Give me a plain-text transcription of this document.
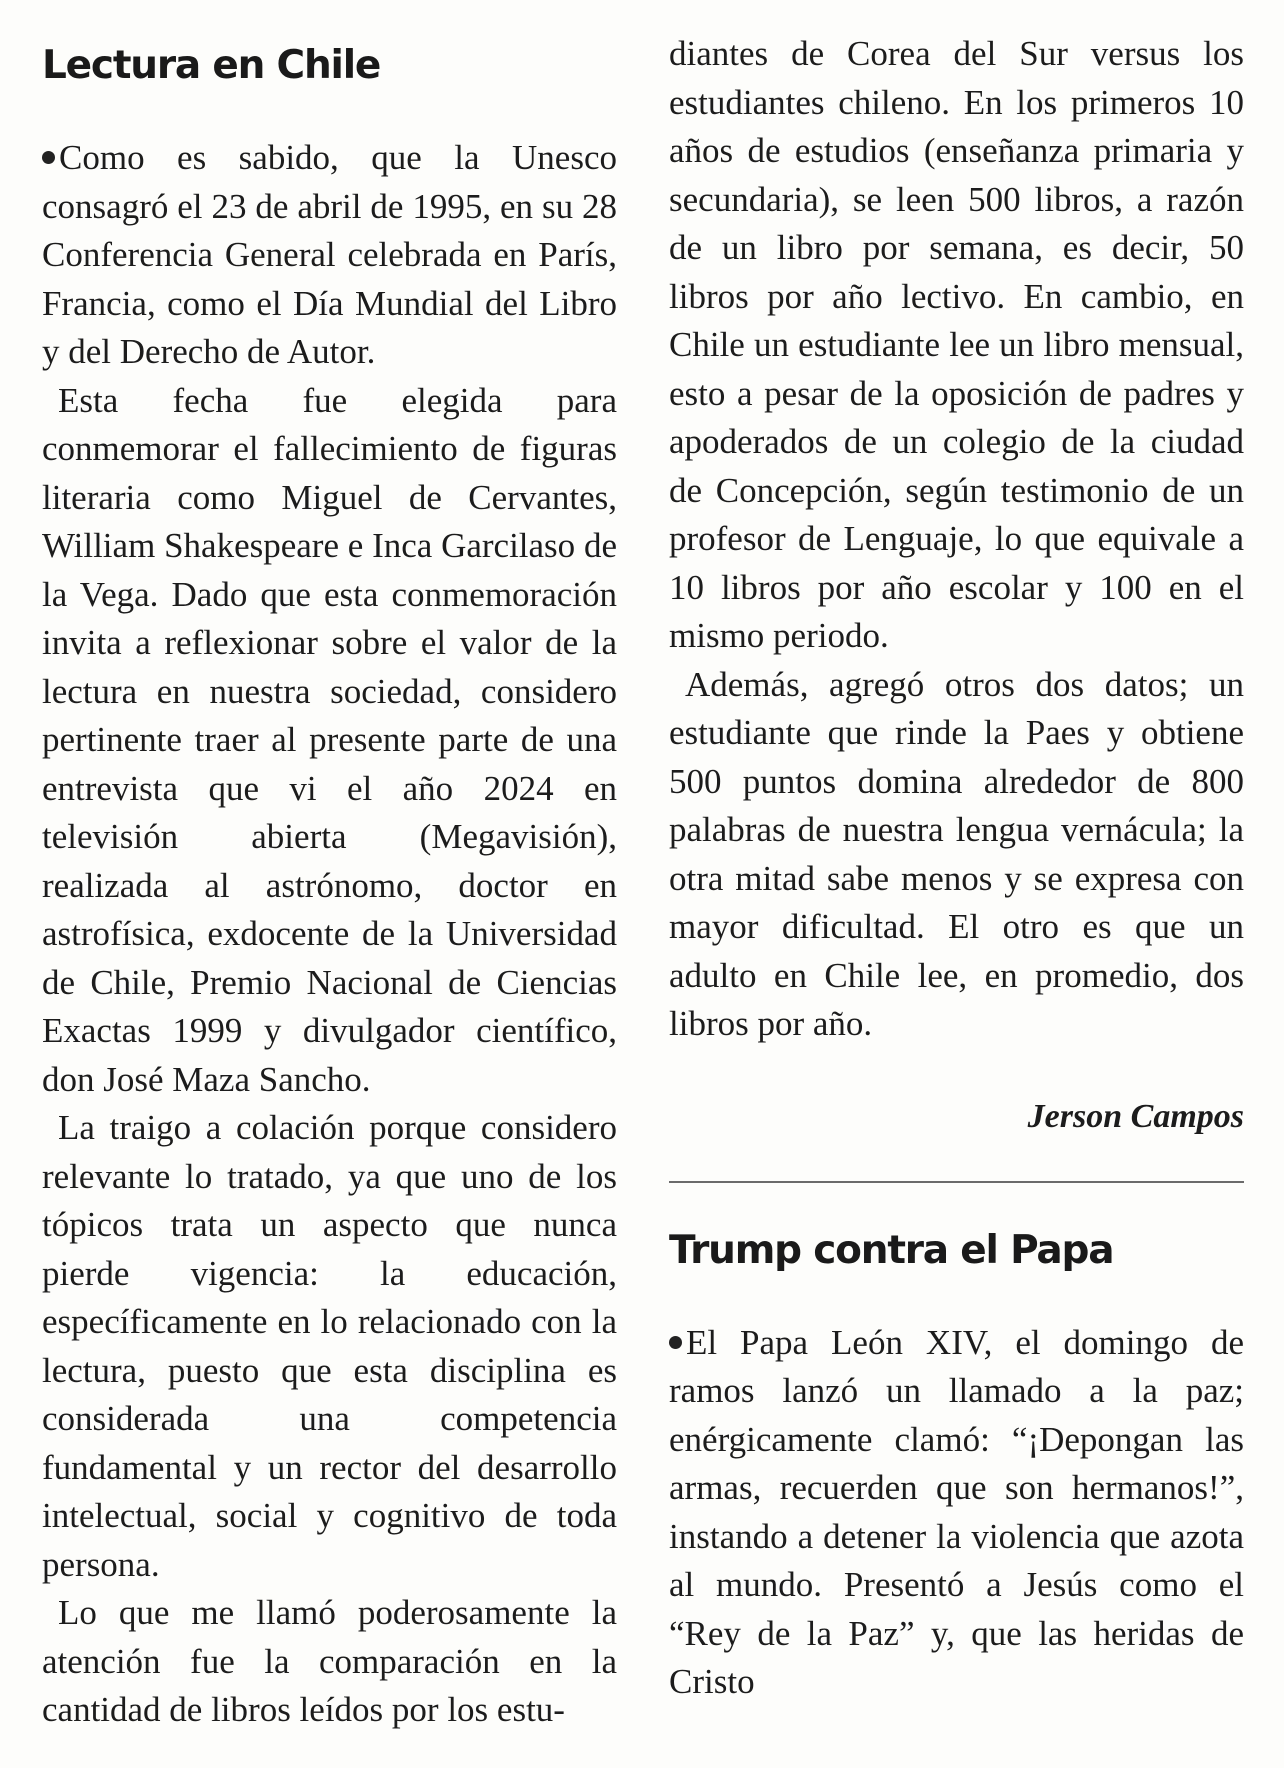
Lectura en Chile

Como es sabido, que la Unesco consagró el 23 de abril de 1995, en su 28 Conferencia General celebrada en París, Francia, como el Día Mundial del Libro y del Derecho de Autor.

Esta fecha fue elegida para conmemorar el fallecimiento de figuras literaria como Miguel de Cervantes, William Shakespeare e Inca Garcilaso de la Vega. Dado que esta conmemoración invita a reflexionar sobre el valor de la lectura en nuestra sociedad, considero pertinente traer al presente parte de una entrevista que vi el año 2024 en televisión abierta (Megavisión), realizada al astrónomo, doctor en astrofísica, exdocente de la Universidad de Chile, Premio Nacional de Ciencias Exactas 1999 y divulgador científico, don José Maza Sancho.

La traigo a colación porque considero relevante lo tratado, ya que uno de los tópicos trata un aspecto que nunca pierde vigencia: la educación, específicamente en lo relacionado con la lectura, puesto que esta disciplina es considerada una competencia fundamental y un rector del desarrollo intelectual, social y cognitivo de toda persona.

Lo que me llamó poderosamente la atención fue la comparación en la cantidad de libros leídos por los estu-

diantes de Corea del Sur versus los estudiantes chileno. En los primeros 10 años de estudios (enseñanza primaria y secundaria), se leen 500 libros, a razón de un libro por semana, es decir, 50 libros por año lectivo. En cambio, en Chile un estudiante lee un libro mensual, esto a pesar de la oposición de padres y apoderados de un colegio de la ciudad de Concepción, según testimonio de un profesor de Lenguaje, lo que equivale a 10 libros por año escolar y 100 en el mismo periodo.

Además, agregó otros dos datos; un estudiante que rinde la Paes y obtiene 500 puntos domina alrededor de 800 palabras de nuestra lengua vernácula; la otra mitad sabe menos y se expresa con mayor dificultad. El otro es que un adulto en Chile lee, en promedio, dos libros por año.

Jerson Campos
Trump contra el Papa

El Papa León XIV, el domingo de ramos lanzó un llamado a la paz; enérgicamente clamó: “¡Depongan las armas, recuerden que son hermanos!”, instando a detener la violencia que azota al mundo. Presentó a Jesús como el “Rey de la Paz” y, que las heridas de Cristo
